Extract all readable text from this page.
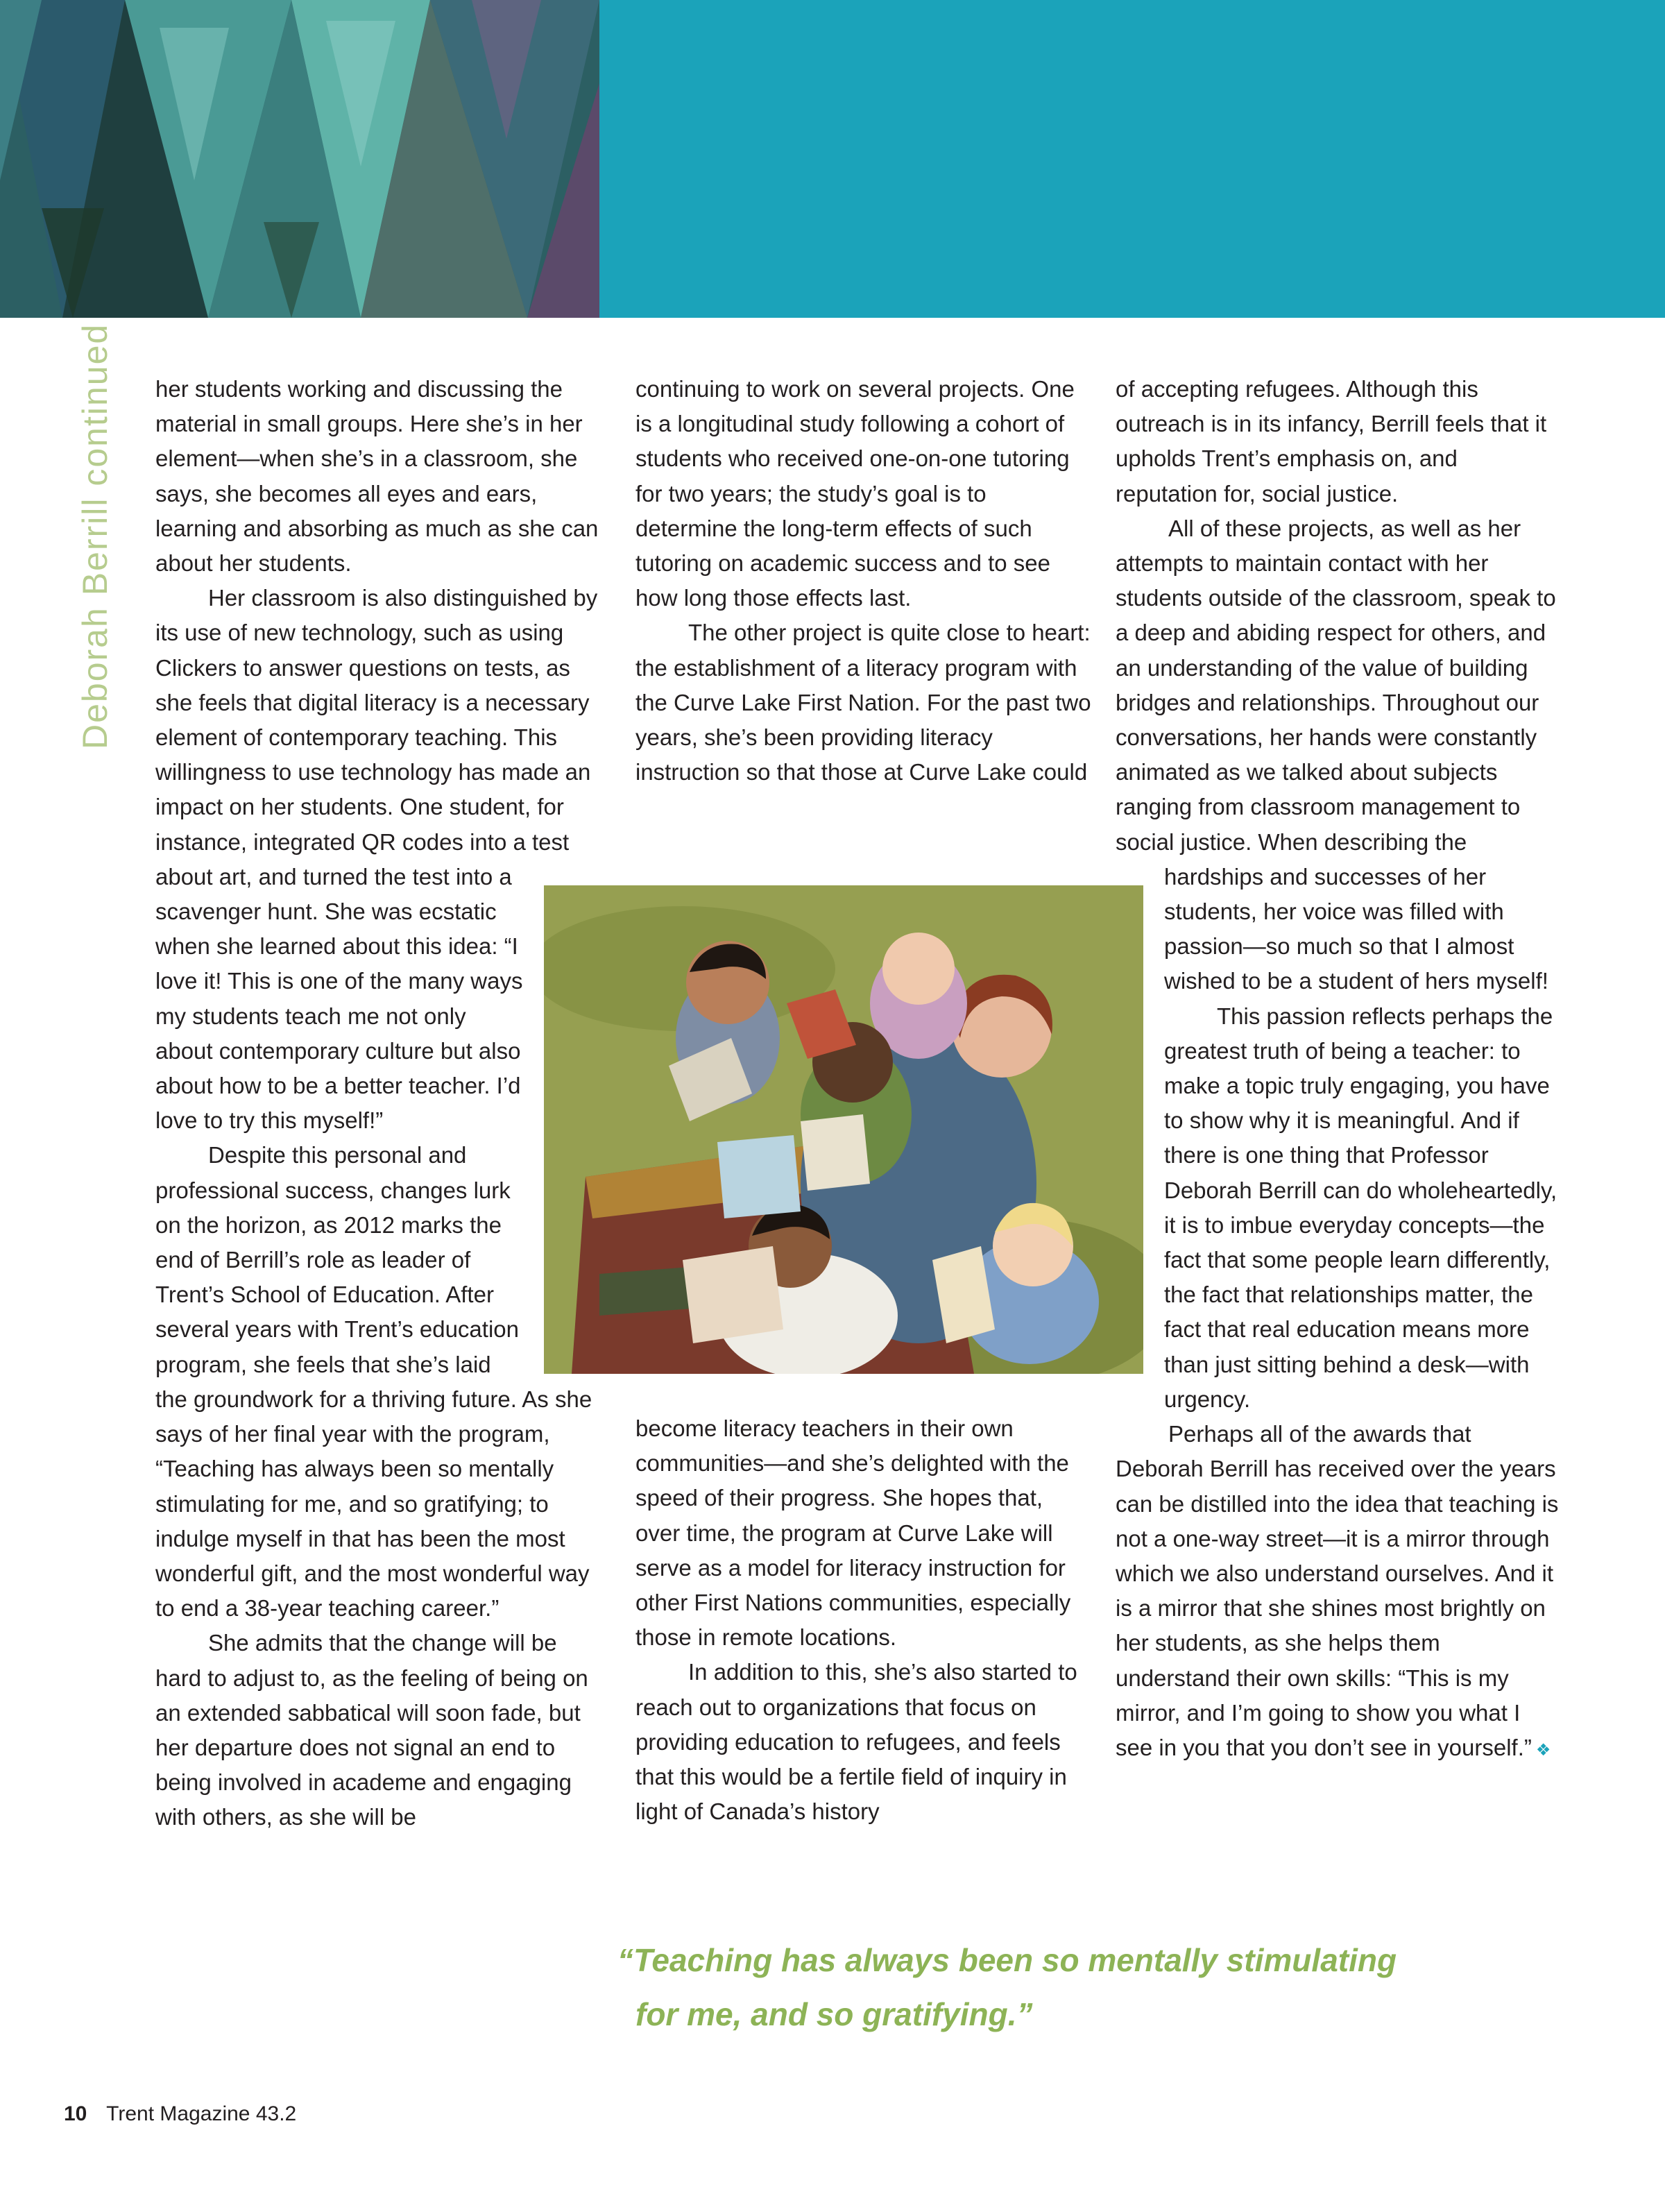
Deborah Berrill continued	her students working and discussing the material in small groups. Here she’s in her element—when she’s in a classroom, she says, she becomes all eyes and ears, learning and absorbing as much as she can about her students.

Her classroom is also distinguished by its use of new technology, such as using Clickers to answer questions on tests, as she feels that digital literacy is a necessary element of contemporary teaching. This willingness to use technology has made an impact on her students. One student, for instance, integrated QR codes into a test about art, and turned the test into a scavenger hunt. She was ecstatic when she learned about this idea: “I love it! This is one of the many ways my students teach me not only about contemporary culture but also about how to be a better teacher. I’d love to try this myself!”

Despite this personal and professional success, changes lurk on the horizon, as 2012 marks the end of Berrill’s role as leader of Trent’s School of Education. After several years with Trent’s education program, she feels that she’s laid the groundwork for a thriving future. As she says of her final year with the program, “Teaching has always been so mentally stimulating for me, and so gratifying; to indulge myself in that has been the most wonderful gift, and the most wonderful way to end a 38-year teaching career.”

She admits that the change will be hard to adjust to, as the feeling of being on an extended sabbatical will soon fade, but her departure does not signal an end to being involved in academe and engaging with others, as she will be

continuing to work on several projects. One is a longitudinal study following a cohort of students who received one-on-one tutoring for two years; the study’s goal is to determine the long-term effects of such tutoring on academic success and to see how long those effects last.

The other project is quite close to heart: the establishment of a literacy program with the Curve Lake First Nation. For the past two years, she’s been providing literacy instruction so that those at Curve Lake could

become literacy teachers in their own communities—and she’s delighted with the speed of their progress. She hopes that, over time, the program at Curve Lake will serve as a model for literacy instruction for other First Nations communities, especially those in remote locations.

In addition to this, she’s also started to reach out to organizations that focus on providing education to refugees, and feels that this would be a fertile field of inquiry in light of Canada’s history

of accepting refugees. Although this outreach is in its infancy, Berrill feels that it upholds Trent’s emphasis on, and reputation for, social justice.

All of these projects, as well as her attempts to maintain contact with her students outside of the classroom, speak to a deep and abiding respect for others, and an understanding of the value of building bridges and relationships. Throughout our conversations, her hands were constantly animated as we talked about subjects ranging from classroom management to social justice. When describing the hardships and successes of her students, her voice was filled with passion—so much so that I almost wished to be a student of hers myself!

This passion reflects perhaps the greatest truth of being a teacher: to make a topic truly engaging, you have to show why it is meaningful. And if there is one thing that Professor Deborah Berrill can do wholeheartedly, it is to imbue everyday concepts—the fact that some people learn differently, the fact that relationships matter, the fact that real education means more than just sitting behind a desk—with urgency.

Perhaps all of the awards that Deborah Berrill has received over the years can be distilled into the idea that teaching is not a one-way street—it is a mirror through which we also understand ourselves. And it is a mirror that she shines most brightly on her students, as she helps them understand their own skills: “This is my mirror, and I’m going to show you what I see in you that you don’t see in yourself.” ❖

“Teaching has always been so mentally stimulating
for me, and so gratifying.”
10 Trent Magazine 43.2
